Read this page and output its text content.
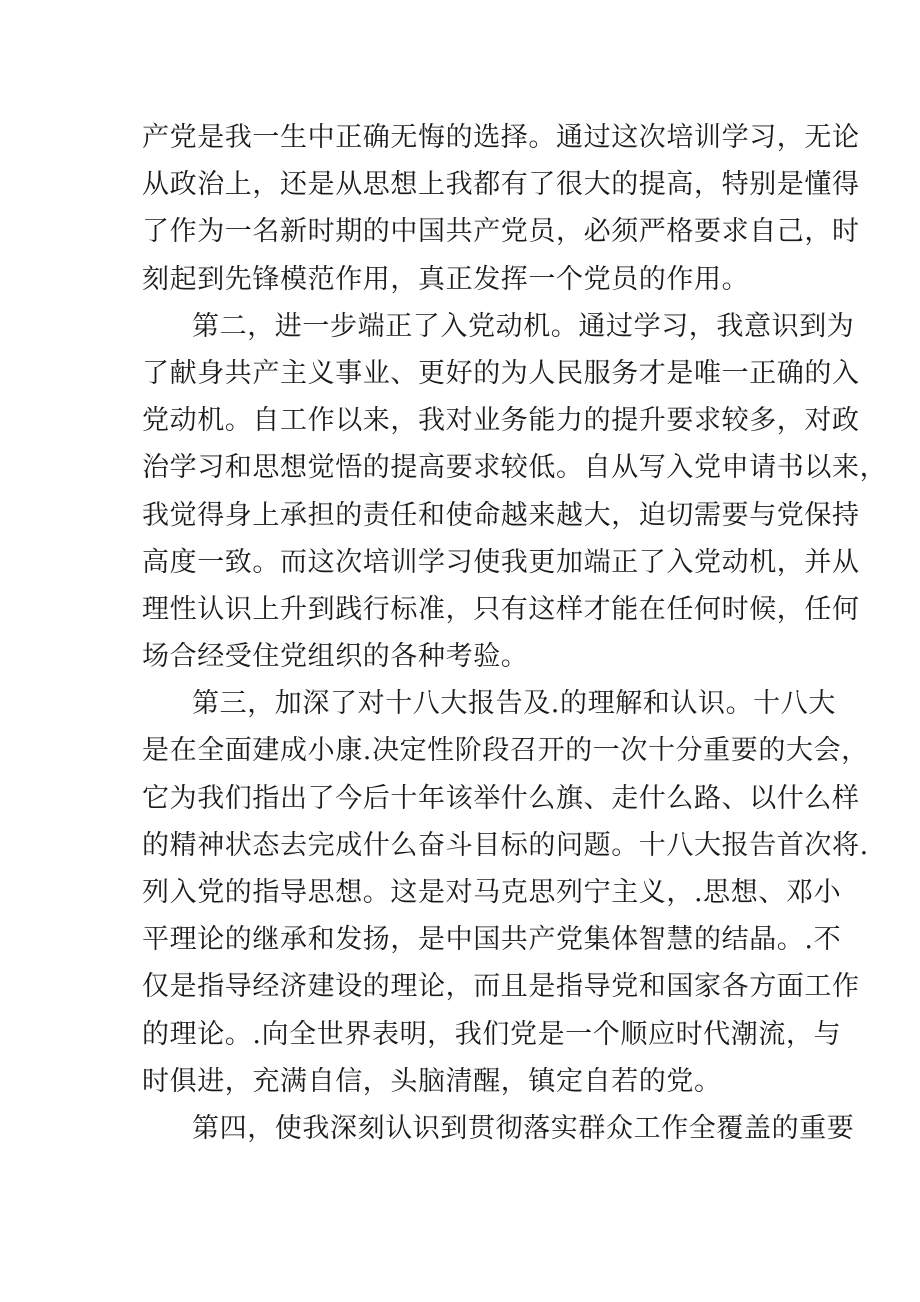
产党是我一生中正确无悔的选择。通过这次培训学习，无论
从政治上，还是从思想上我都有了很大的提高，特别是懂得
了作为一名新时期的中国共产党员，必须严格要求自己，时
刻起到先锋模范作用，真正发挥一个党员的作用。
第二，进一步端正了入党动机。通过学习，我意识到为
了献身共产主义事业、更好的为人民服务才是唯一正确的入
党动机。自工作以来，我对业务能力的提升要求较多，对政
治学习和思想觉悟的提高要求较低。自从写入党申请书以来，
我觉得身上承担的责任和使命越来越大，迫切需要与党保持
高度一致。而这次培训学习使我更加端正了入党动机，并从
理性认识上升到践行标准，只有这样才能在任何时候，任何
场合经受住党组织的各种考验。
第三，加深了对十八大报告及.的理解和认识。十八大
是在全面建成小康.决定性阶段召开的一次十分重要的大会，
它为我们指出了今后十年该举什么旗、走什么路、以什么样
的精神状态去完成什么奋斗目标的问题。十八大报告首次将.
列入党的指导思想。这是对马克思列宁主义，.思想、邓小
平理论的继承和发扬，是中国共产党集体智慧的结晶。.不
仅是指导经济建设的理论，而且是指导党和国家各方面工作
的理论。.向全世界表明，我们党是一个顺应时代潮流，与
时俱进，充满自信，头脑清醒，镇定自若的党。
第四，使我深刻认识到贯彻落实群众工作全覆盖的重要
